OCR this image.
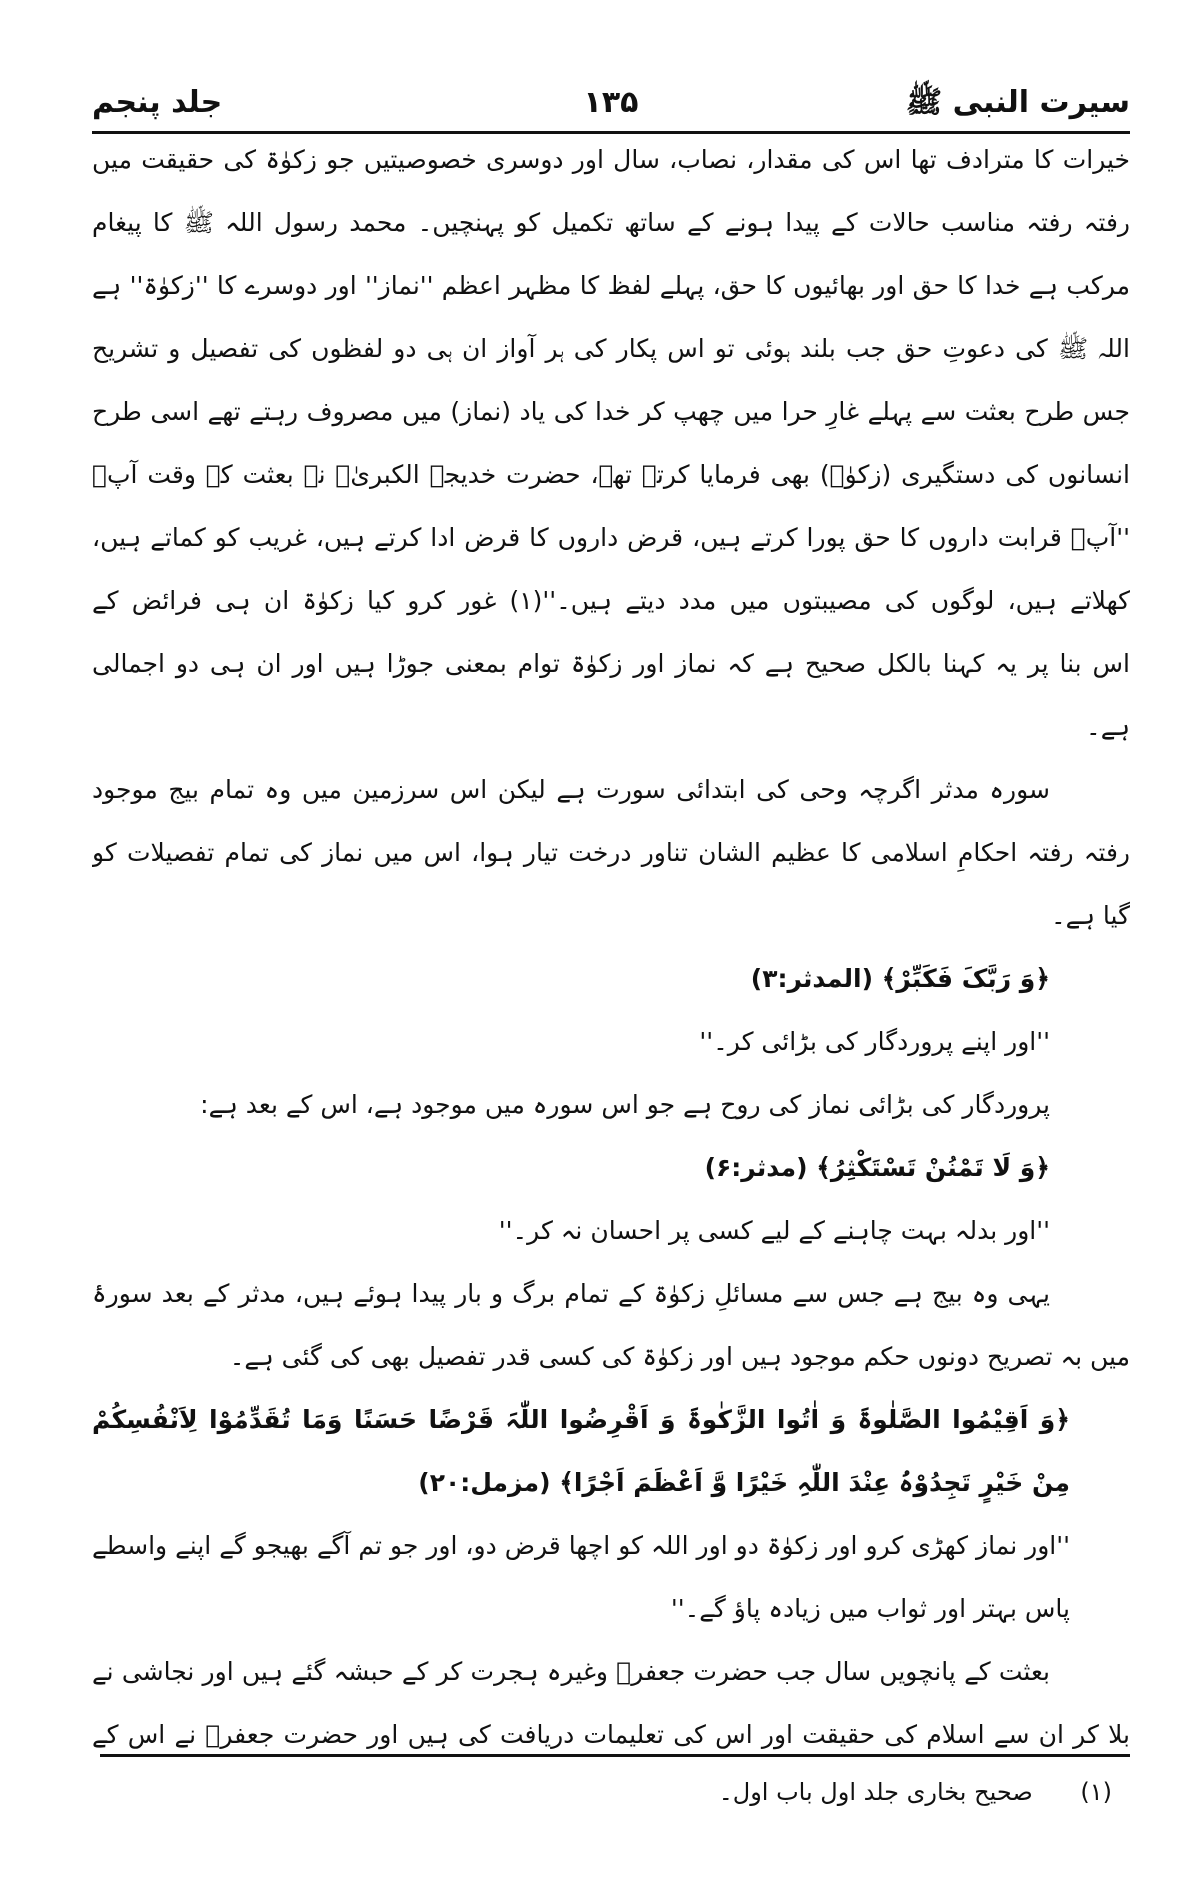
سیرت النبی ﷺ
۱۳۵
جلد پنجم
خیرات کا مترادف تھا اس کی مقدار، نصاب، سال اور دوسری خصوصیتیں جو زکوٰۃ کی حقیقت میں
رفتہ رفتہ مناسب حالات کے پیدا ہونے کے ساتھ تکمیل کو پہنچیں۔ محمد رسول اللہ ﷺ کا پیغام
مرکب ہے خدا کا حق اور بھائیوں کا حق، پہلے لفظ کا مظہر اعظم ''نماز'' اور دوسرے کا ''زکوٰۃ'' ہے
اللہ ﷺ کی دعوتِ حق جب بلند ہوئی تو اس پکار کی ہر آواز ان ہی دو لفظوں کی تفصیل و تشریح
جس طرح بعثت سے پہلے غارِ حرا میں چھپ کر خدا کی یاد (نماز) میں مصروف رہتے تھے اسی طرح
انسانوں کی دستگیری (زکوٰۃ) بھی فرمایا کرتے تھے، حضرت خدیجۃ الکبریٰؓ نے بعثت کے وقت آپؐ
''آپؐ قرابت داروں کا حق پورا کرتے ہیں، قرض داروں کا قرض ادا کرتے ہیں، غریب کو کماتے ہیں،
کھلاتے ہیں، لوگوں کی مصیبتوں میں مدد دیتے ہیں۔''(۱) غور کرو کیا زکوٰۃ ان ہی فرائض کے
اس بنا پر یہ کہنا بالکل صحیح ہے کہ نماز اور زکوٰۃ توام بمعنی جوڑا ہیں اور ان ہی دو اجمالی
ہے۔
سورہ مدثر اگرچہ وحی کی ابتدائی سورت ہے لیکن اس سرزمین میں وہ تمام بیج موجود
رفتہ رفتہ احکامِ اسلامی کا عظیم الشان تناور درخت تیار ہوا، اس میں نماز کی تمام تفصیلات کو
گیا ہے۔
﴿وَ رَبَّکَ فَکَبِّرْ﴾ (المدثر:۳)
''اور اپنے پروردگار کی بڑائی کر۔''
پروردگار کی بڑائی نماز کی روح ہے جو اس سورہ میں موجود ہے، اس کے بعد ہے:
﴿وَ لَا تَمْنُنْ تَسْتَکْثِرُ﴾ (مدثر:۶)
''اور بدلہ بہت چاہنے کے لیے کسی پر احسان نہ کر۔''
یہی وہ بیج ہے جس سے مسائلِ زکوٰۃ کے تمام برگ و بار پیدا ہوئے ہیں، مدثر کے بعد سورۂ
میں بہ تصریح دونوں حکم موجود ہیں اور زکوٰۃ کی کسی قدر تفصیل بھی کی گئی ہے۔
﴿وَ اَقِیْمُوا الصَّلٰوۃَ وَ اٰتُوا الزَّکٰوۃَ وَ اَقْرِضُوا اللّٰہَ قَرْضًا حَسَنًا وَمَا تُقَدِّمُوْا لِاَنْفُسِکُمْ
مِنْ خَیْرٍ تَجِدُوْہُ عِنْدَ اللّٰہِ خَیْرًا وَّ اَعْظَمَ اَجْرًا﴾ (مزمل:۲۰)
''اور نماز کھڑی کرو اور زکوٰۃ دو اور اللہ کو اچھا قرض دو، اور جو تم آگے بھیجو گے اپنے واسطے
پاس بہتر اور ثواب میں زیادہ پاؤ گے۔''
بعثت کے پانچویں سال جب حضرت جعفرؓ وغیرہ ہجرت کر کے حبشہ گئے ہیں اور نجاشی نے
بلا کر ان سے اسلام کی حقیقت اور اس کی تعلیمات دریافت کی ہیں اور حضرت جعفرؓ نے اس کے
(۱) صحیح بخاری جلد اول باب اول۔
